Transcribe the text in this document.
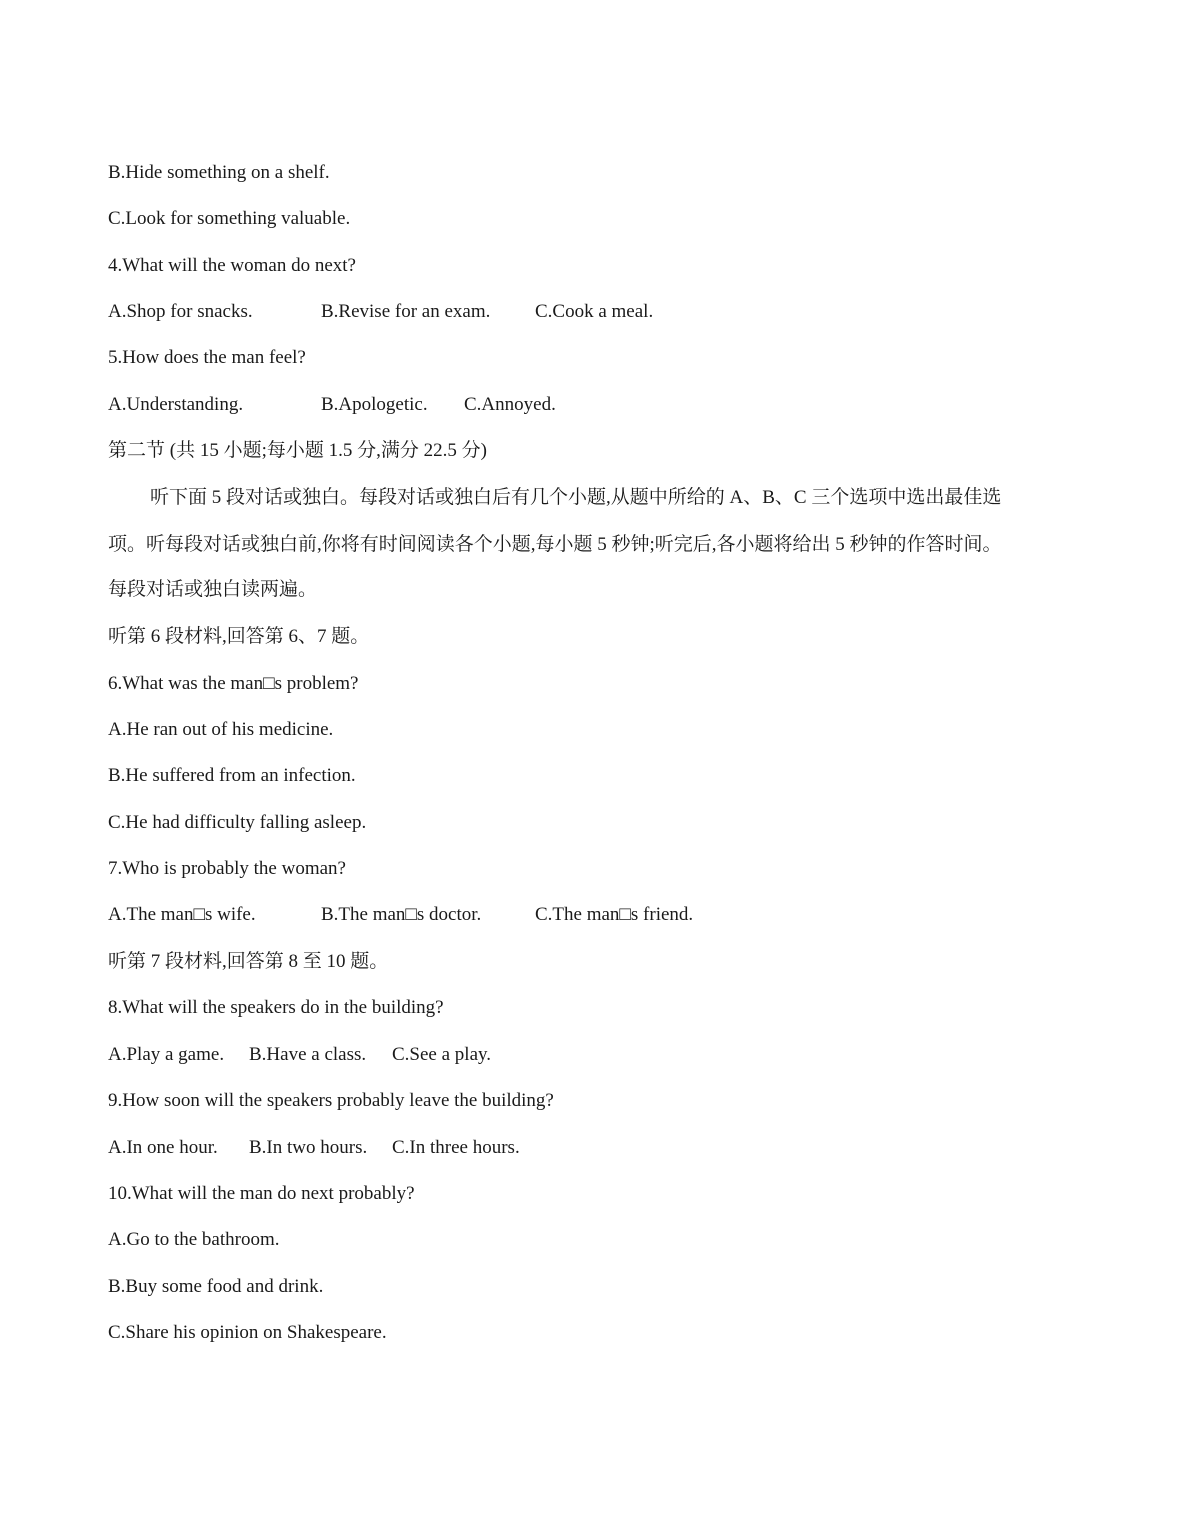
B.Hide something on a shelf.
C.Look for something valuable.
4.What will the woman do next?
A.Shop for snacks.	B.Revise for an exam. C.Cook a meal.
5.How does the man feel?
A.Understanding.	B.Apologetic. C.Annoyed.
第二节 (共 15 小题;每小题 1.5 分,满分 22.5 分)
听下面 5 段对话或独白。每段对话或独白后有几个小题,从题中所给的 A、B、C 三个选项中选出最佳选
项。听每段对话或独白前,你将有时间阅读各个小题,每小题 5 秒钟;听完后,各小题将给出 5 秒钟的作答时间。
每段对话或独白读两遍。
听第 6 段材料,回答第 6、7 题。
6.What was the man□s problem?
A.He ran out of his medicine.
B.He suffered from an infection.
C.He had difficulty falling asleep.
7.Who is probably the woman?
A.The man□s wife.	B.The man□s doctor.	C.The man□s friend.
听第 7 段材料,回答第 8 至 10 题。
8.What will the speakers do in the building?
A.Play a game. B.Have a class. C.See a play.
9.How soon will the speakers probably leave the building?
A.In one hour. B.In two hours. C.In three hours.
10.What will the man do next probably?
A.Go to the bathroom.
B.Buy some food and drink.
C.Share his opinion on Shakespeare.
